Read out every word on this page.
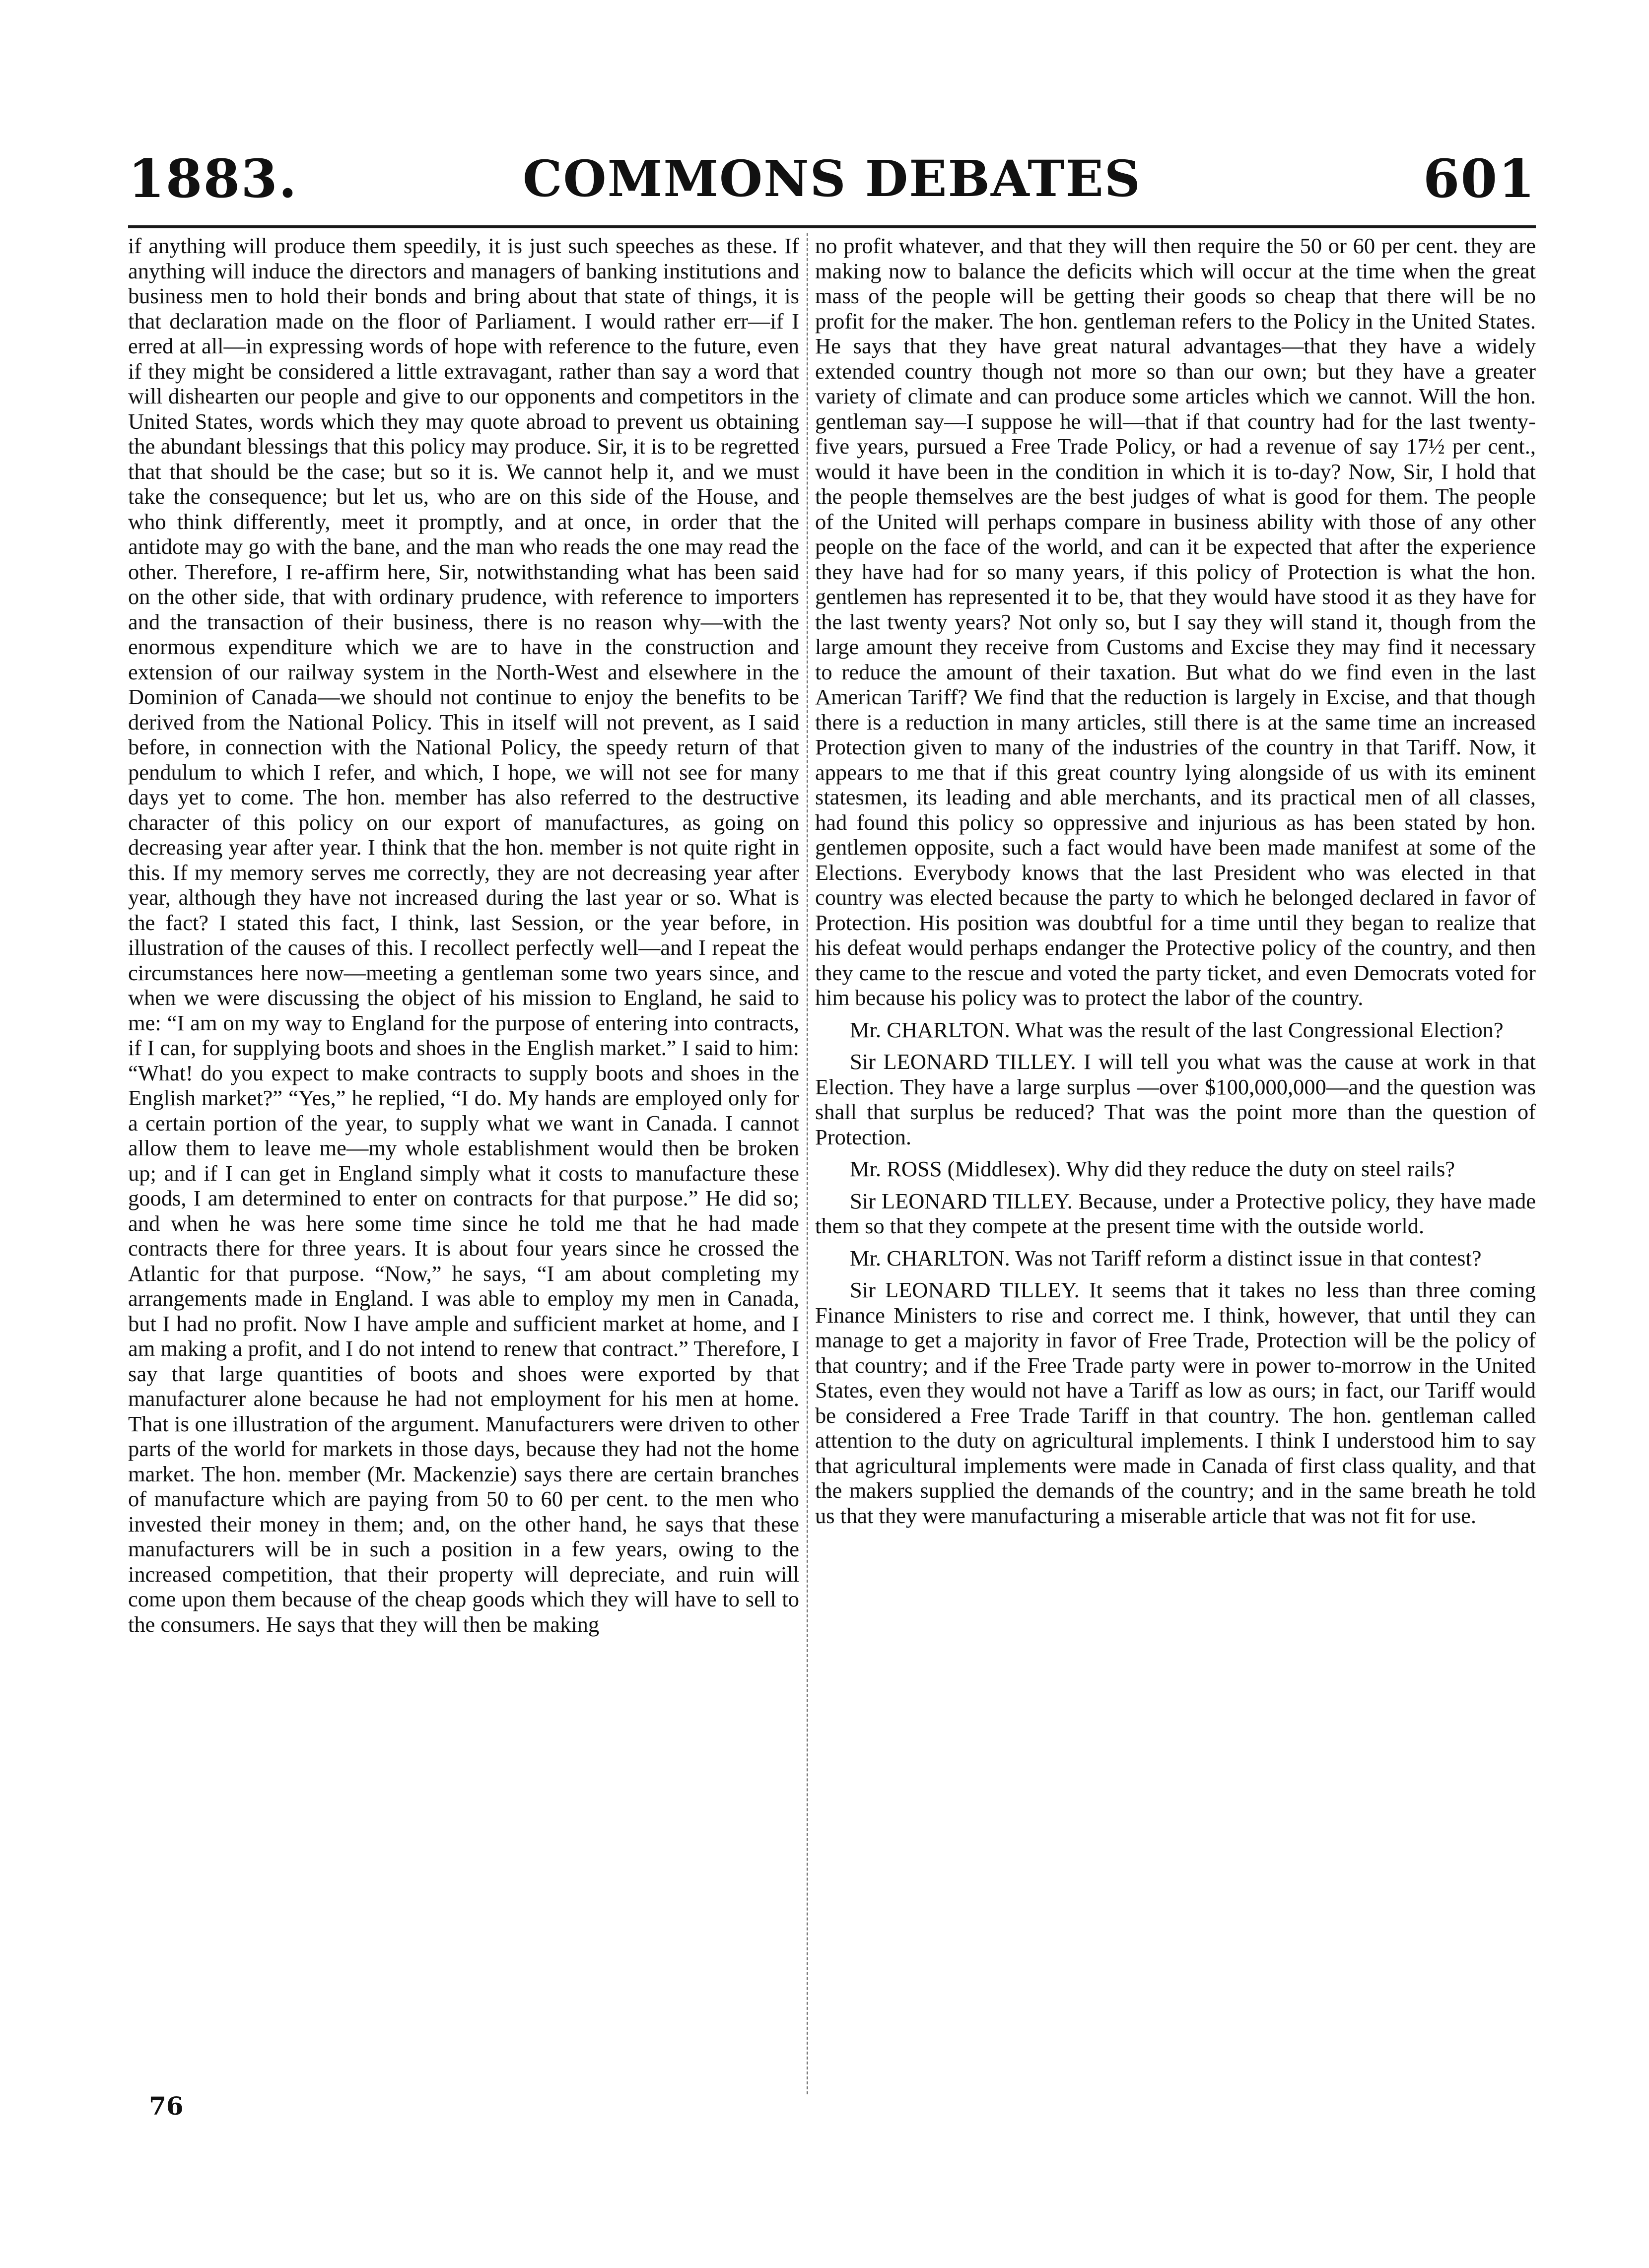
1883.	COMMONS DEBATES	601

if anything will produce them speedily, it is just such speeches as these. If anything will induce the directors and managers of banking institutions and business men to hold their bonds and bring about that state of things, it is that declaration made on the floor of Parliament. I would rather err—if I erred at all—in expressing words of hope with reference to the future, even if they might be considered a little extravagant, rather than say a word that will dishearten our people and give to our opponents and competitors in the United States, words which they may quote abroad to prevent us obtaining the abundant blessings that this policy may produce. Sir, it is to be regretted that that should be the case; but so it is. We cannot help it, and we must take the consequence; but let us, who are on this side of the House, and who think differently, meet it promptly, and at once, in order that the antidote may go with the bane, and the man who reads the one may read the other. Therefore, I re-affirm here, Sir, notwithstanding what has been said on the other side, that with ordinary prudence, with reference to importers and the transaction of their business, there is no reason why—with the enormous expenditure which we are to have in the construction and extension of our railway system in the North-West and elsewhere in the Dominion of Canada—we should not continue to enjoy the benefits to be derived from the National Policy. This in itself will not prevent, as I said before, in connection with the National Policy, the speedy return of that pendulum to which I refer, and which, I hope, we will not see for many days yet to come. The hon. member has also referred to the destructive character of this policy on our export of manufactures, as going on decreasing year after year. I think that the hon. member is not quite right in this. If my memory serves me correctly, they are not decreasing year after year, although they have not increased during the last year or so. What is the fact? I stated this fact, I think, last Session, or the year before, in illustration of the causes of this. I recollect perfectly well—and I repeat the circumstances here now—meeting a gentleman some two years since, and when we were discussing the object of his mission to England, he said to me: “I am on my way to England for the purpose of entering into contracts, if I can, for supplying boots and shoes in the English market.” I said to him: “What! do you expect to make contracts to supply boots and shoes in the English market?” “Yes,” he replied, “I do. My hands are employed only for a certain portion of the year, to supply what we want in Canada. I cannot allow them to leave me—my whole establishment would then be broken up; and if I can get in England simply what it costs to manufacture these goods, I am determined to enter on contracts for that purpose.” He did so; and when he was here some time since he told me that he had made contracts there for three years. It is about four years since he crossed the Atlantic for that purpose. “Now,” he says, “I am about completing my arrangements made in England. I was able to employ my men in Canada, but I had no profit. Now I have ample and sufficient market at home, and I am making a profit, and I do not intend to renew that contract.” Therefore, I say that large quantities of boots and shoes were exported by that manufacturer alone because he had not employment for his men at home. That is one illustration of the argument. Manufacturers were driven to other parts of the world for markets in those days, because they had not the home market. The hon. member (Mr. Mackenzie) says there are certain branches of manufacture which are paying from 50 to 60 per cent. to the men who invested their money in them; and, on the other hand, he says that these manufacturers will be in such a position in a few years, owing to the increased competition, that their property will depreciate, and ruin will come upon them because of the cheap goods which they will have to sell to the consumers. He says that they will then be making

no profit whatever, and that they will then require the 50 or 60 per cent. they are making now to balance the deficits which will occur at the time when the great mass of the people will be getting their goods so cheap that there will be no profit for the maker. The hon. gentleman refers to the Policy in the United States. He says that they have great natural advantages—that they have a widely extended country though not more so than our own; but they have a greater variety of climate and can produce some articles which we cannot. Will the hon. gentleman say—I suppose he will—that if that country had for the last twenty-five years, pursued a Free Trade Policy, or had a revenue of say 17½ per cent., would it have been in the condition in which it is to-day? Now, Sir, I hold that the people themselves are the best judges of what is good for them. The people of the United will perhaps compare in business ability with those of any other people on the face of the world, and can it be expected that after the experience they have had for so many years, if this policy of Protection is what the hon. gentlemen has represented it to be, that they would have stood it as they have for the last twenty years? Not only so, but I say they will stand it, though from the large amount they receive from Customs and Excise they may find it necessary to reduce the amount of their taxation. But what do we find even in the last American Tariff? We find that the reduction is largely in Excise, and that though there is a reduction in many articles, still there is at the same time an increased Protection given to many of the industries of the country in that Tariff. Now, it appears to me that if this great country lying alongside of us with its eminent statesmen, its leading and able merchants, and its practical men of all classes, had found this policy so oppressive and injurious as has been stated by hon. gentlemen opposite, such a fact would have been made manifest at some of the Elections. Everybody knows that the last President who was elected in that country was elected because the party to which he belonged declared in favor of Protection. His position was doubtful for a time until they began to realize that his defeat would perhaps endanger the Protective policy of the country, and then they came to the rescue and voted the party ticket, and even Democrats voted for him because his policy was to protect the labor of the country.

Mr. CHARLTON. What was the result of the last Congressional Election?

Sir LEONARD TILLEY. I will tell you what was the cause at work in that Election. They have a large surplus —over $100,000,000—and the question was shall that surplus be reduced? That was the point more than the question of Protection.

Mr. ROSS (Middlesex). Why did they reduce the duty on steel rails?

Sir LEONARD TILLEY. Because, under a Protective policy, they have made them so that they compete at the present time with the outside world.

Mr. CHARLTON. Was not Tariff reform a distinct issue in that contest?

Sir LEONARD TILLEY. It seems that it takes no less than three coming Finance Ministers to rise and correct me. I think, however, that until they can manage to get a majority in favor of Free Trade, Protection will be the policy of that country; and if the Free Trade party were in power to-morrow in the United States, even they would not have a Tariff as low as ours; in fact, our Tariff would be considered a Free Trade Tariff in that country. The hon. gentleman called attention to the duty on agricultural implements. I think I understood him to say that agricultural implements were made in Canada of first class quality, and that the makers supplied the demands of the country; and in the same breath he told us that they were manufacturing a miserable article that was not fit for use.

76
